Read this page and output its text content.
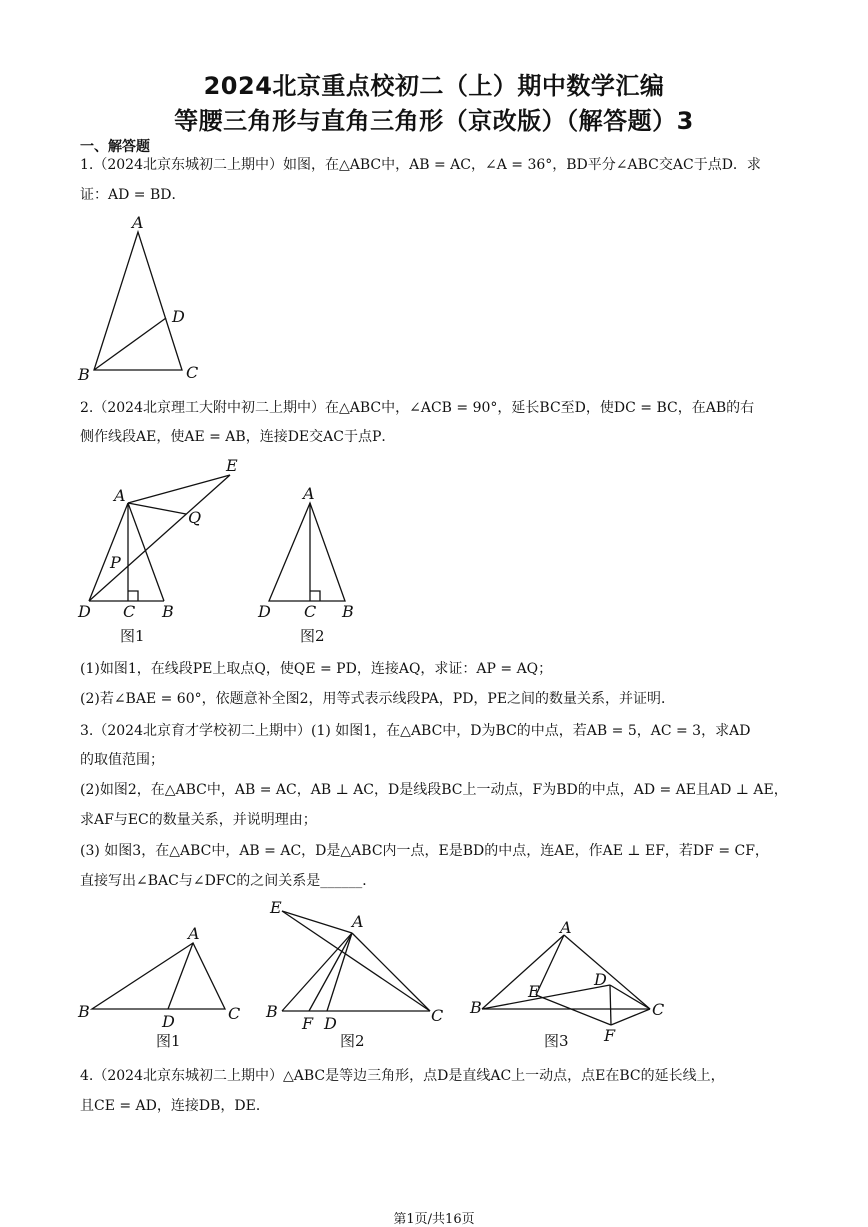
2024北京重点校初二（上）期中数学汇编
等腰三角形与直角三角形（京改版）（解答题）3
一、解答题
1.（2024北京东城初二上期中）如图，在△ABC中，AB = AC，∠A = 36°，BD平分∠ABC交AC于点D．求
证：AD = BD．
A
D
B	C
2.（2024北京理工大附中初二上期中）在△ABC中，∠ACB = 90°，延长BC至D，使DC = BC，在AB的右
侧作线段AE，使AE = AB，连接DE交AC于点P．
E
A
Q
P
D C B
图1
A
D C B
图2
(1)如图1，在线段PE上取点Q，使QE = PD，连接AQ，求证：AP = AQ；
(2)若∠BAE = 60°，依题意补全图2，用等式表示线段PA，PD，PE之间的数量关系，并证明．
3.（2024北京育才学校初二上期中）(1) 如图1，在△ABC中，D为BC的中点，若AB = 5，AC = 3，求AD
的取值范围；
(2)如图2，在△ABC中，AB = AC，AB ⊥ AC，D是线段BC上一动点，F为BD的中点，AD = AE且AD ⊥ AE，
求AF与EC的数量关系，并说明理由；
(3) 如图3，在△ABC中，AB = AC，D是△ABC内一点，E是BD的中点，连AE，作AE ⊥ EF，若DF = CF，
直接写出∠BAC与∠DFC的之间关系是______．
A
B
D	C
图1
E
A
B
F D	C
图2
A
D
E
B	C
F
图3
4.（2024北京东城初二上期中）△ABC是等边三角形，点D是直线AC上一动点，点E在BC的延长线上，
且CE = AD，连接DB，DE．
第1页/共16页
